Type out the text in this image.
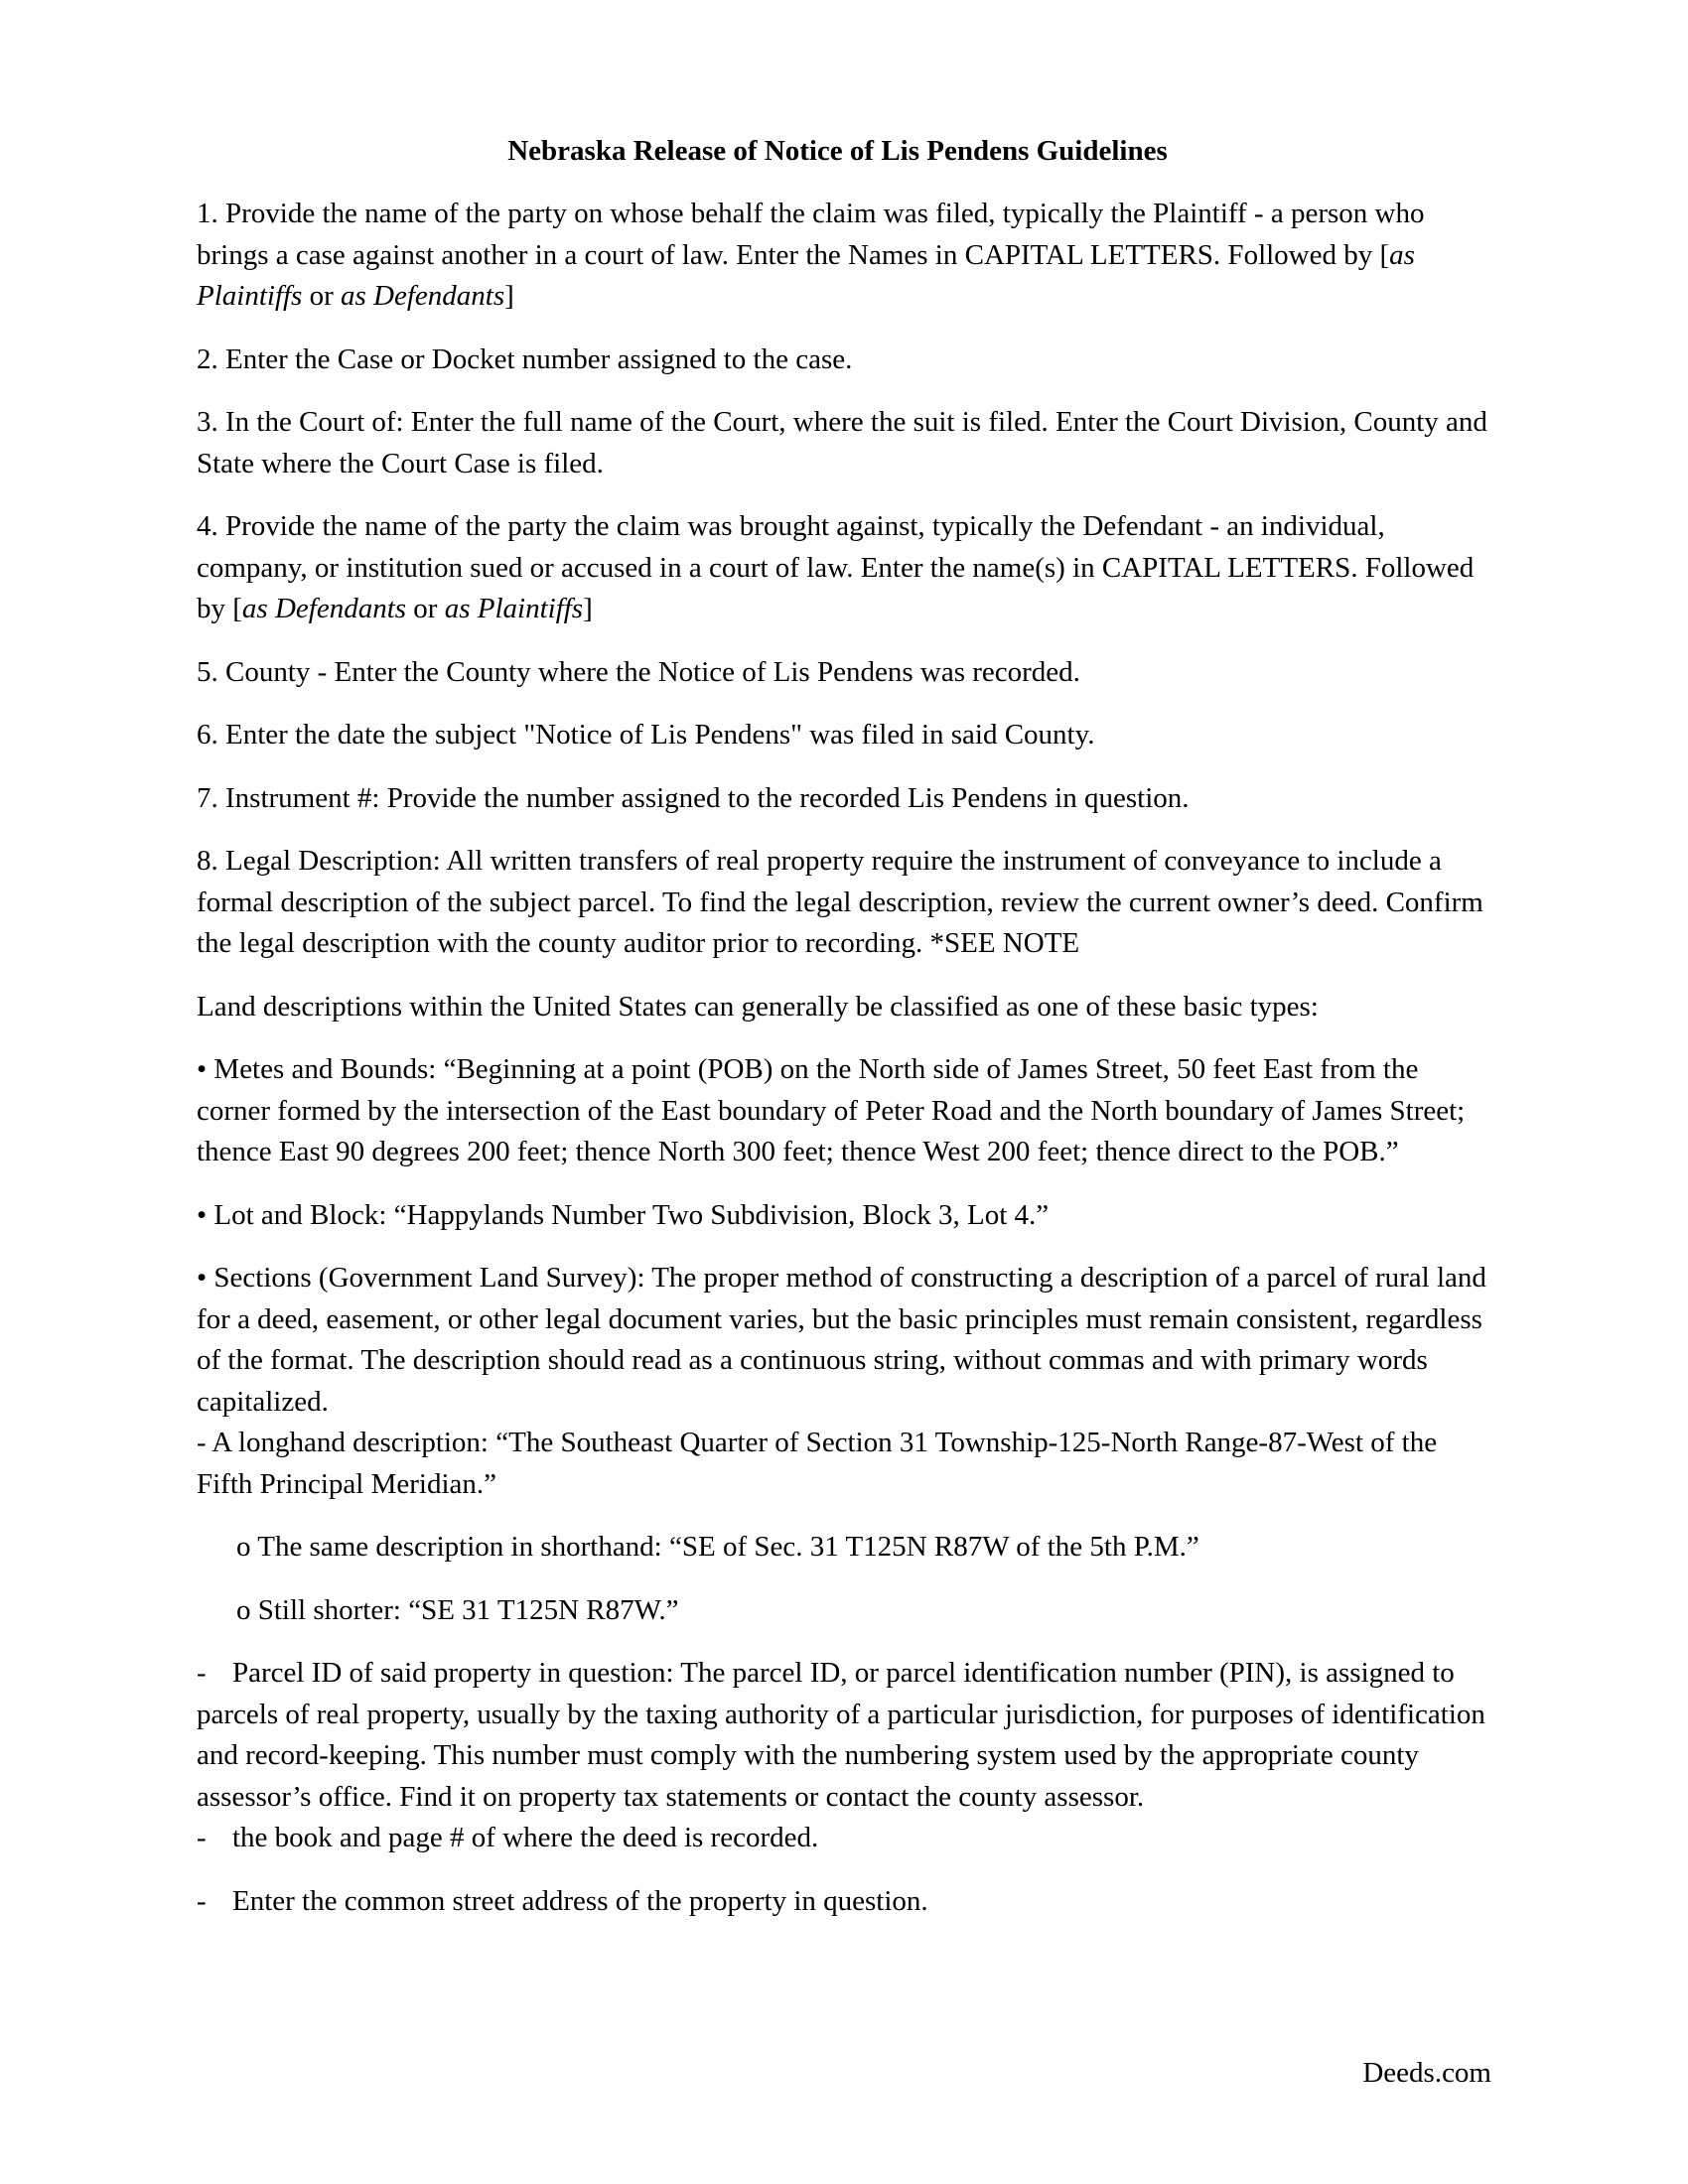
Nebraska Release of Notice of Lis Pendens Guidelines

1. Provide the name of the party on whose behalf the claim was filed, typically the Plaintiff - a person who brings a case against another in a court of law. Enter the Names in CAPITAL LETTERS. Followed by [as Plaintiffs or as Defendants]

2. Enter the Case or Docket number assigned to the case.

3. In the Court of: Enter the full name of the Court, where the suit is filed. Enter the Court Division, County and State where the Court Case is filed.

4. Provide the name of the party the claim was brought against, typically the Defendant - an individual, company, or institution sued or accused in a court of law. Enter the name(s) in CAPITAL LETTERS. Followed by [as Defendants or as Plaintiffs]

5. County - Enter the County where the Notice of Lis Pendens was recorded.

6. Enter the date the subject "Notice of Lis Pendens" was filed in said County.

7. Instrument #: Provide the number assigned to the recorded Lis Pendens in question.

8. Legal Description: All written transfers of real property require the instrument of conveyance to include a formal description of the subject parcel. To find the legal description, review the current owner’s deed. Confirm the legal description with the county auditor prior to recording. *SEE NOTE

Land descriptions within the United States can generally be classified as one of these basic types:

• Metes and Bounds: “Beginning at a point (POB) on the North side of James Street, 50 feet East from the corner formed by the intersection of the East boundary of Peter Road and the North boundary of James Street; thence East 90 degrees 200 feet; thence North 300 feet; thence West 200 feet; thence direct to the POB.”

• Lot and Block: “Happylands Number Two Subdivision, Block 3, Lot 4.”

• Sections (Government Land Survey): The proper method of constructing a description of a parcel of rural land for a deed, easement, or other legal document varies, but the basic principles must remain consistent, regardless of the format. The description should read as a continuous string, without commas and with primary words capitalized.

- A longhand description: “The Southeast Quarter of Section 31 Township-125-North Range-87-West of the Fifth Principal Meridian.”

o The same description in shorthand: “SE of Sec. 31 T125N R87W of the 5th P.M.”

o Still shorter: “SE 31 T125N R87W.”

- Parcel ID of said property in question: The parcel ID, or parcel identification number (PIN), is assigned to parcels of real property, usually by the taxing authority of a particular jurisdiction, for purposes of identification and record-keeping. This number must comply with the numbering system used by the appropriate county assessor’s office. Find it on property tax statements or contact the county assessor.

- the book and page # of where the deed is recorded.

- Enter the common street address of the property in question.

Deeds.com
